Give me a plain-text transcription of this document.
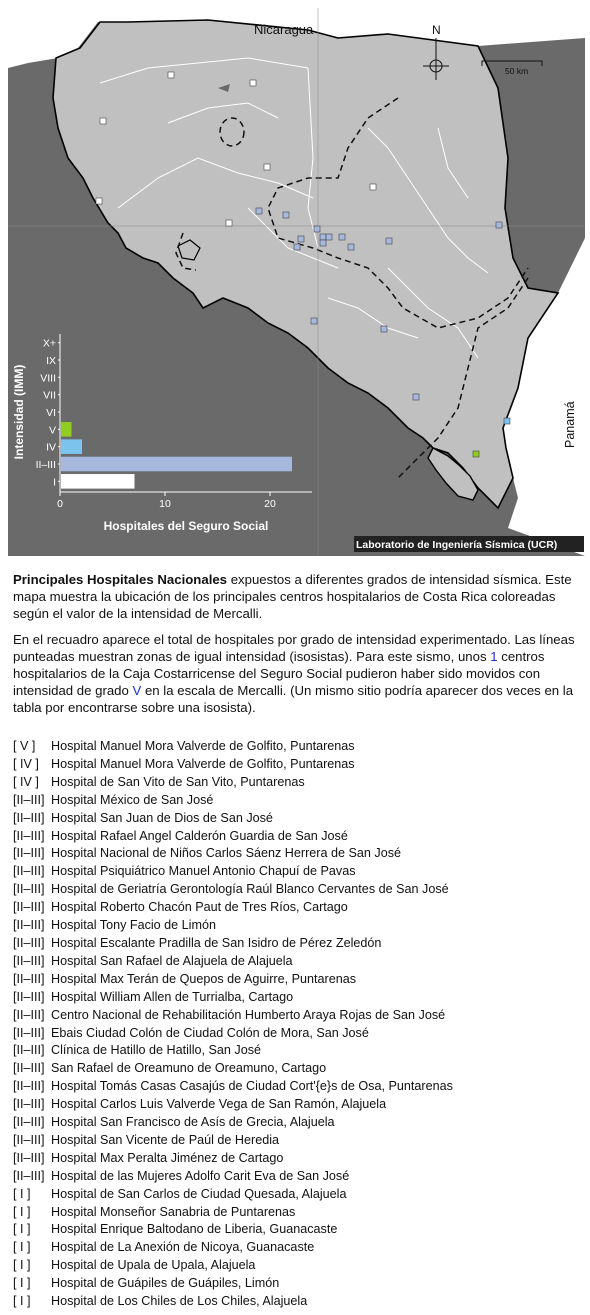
Nicaragua
Panamá
N
50 km
Laboratorio de Ingeniería Sísmica (UCR)
Intensidad (IMM)
Hospitales del Seguro Social
X+
IX
VIII
VII
VI
V
IV
II–III
I
0	10	20
Principales Hospitales Nacionales expuestos a diferentes grados de intensidad sísmica. Este mapa muestra la ubicación de los principales centros hospitalarios de Costa Rica coloreadas según el valor de la intensidad de Mercalli.
En el recuadro aparece el total de hospitales por grado de intensidad experimentado. Las líneas punteadas muestran zonas de igual intensidad (isosistas). Para este sismo, unos 1 centros hospitalarios de la Caja Costarricense del Seguro Social pudieron haber sido movidos con intensidad de grado V en la escala de Mercalli. (Un mismo sitio podría aparecer dos veces en la tabla por encontrarse sobre una isosista).
[ V ]	Hospital Manuel Mora Valverde de Golfito, Puntarenas
[ IV ] Hospital Manuel Mora Valverde de Golfito, Puntarenas
[ IV ] Hospital de San Vito de San Vito, Puntarenas
[II–III] Hospital México de San José
[II–III] Hospital San Juan de Dios de San José
[II–III] Hospital Rafael Angel Calderón Guardia de San José
[II–III] Hospital Nacional de Niños Carlos Sáenz Herrera de San José
[II–III] Hospital Psiquiátrico Manuel Antonio Chapuí de Pavas
[II–III] Hospital de Geriatría Gerontología Raúl Blanco Cervantes de San José
[II–III] Hospital Roberto Chacón Paut de Tres Ríos, Cartago
[II–III] Hospital Tony Facio de Limón
[II–III] Hospital Escalante Pradilla de San Isidro de Pérez Zeledón
[II–III] Hospital San Rafael de Alajuela de Alajuela
[II–III] Hospital Max Terán de Quepos de Aguirre, Puntarenas
[II–III] Hospital William Allen de Turrialba, Cartago
[II–III] Centro Nacional de Rehabilitación Humberto Araya Rojas de San José
[II–III] Ebais Ciudad Colón de Ciudad Colón de Mora, San José
[II–III] Clínica de Hatillo de Hatillo, San José
[II–III] San Rafael de Oreamuno de Oreamuno, Cartago
[II–III] Hospital Tomás Casas Casajús de Ciudad Cort'{e}s de Osa, Puntarenas
[II–III] Hospital Carlos Luis Valverde Vega de San Ramón, Alajuela
[II–III] Hospital San Francisco de Asís de Grecia, Alajuela
[II–III] Hospital San Vicente de Paúl de Heredia
[II–III] Hospital Max Peralta Jiménez de Cartago
[II–III] Hospital de las Mujeres Adolfo Carit Eva de San José
[ I ]	Hospital de San Carlos de Ciudad Quesada, Alajuela
[ I ]	Hospital Monseñor Sanabria de Puntarenas
[ I ]	Hospital Enrique Baltodano de Liberia, Guanacaste
[ I ]	Hospital de La Anexión de Nicoya, Guanacaste
[ I ]	Hospital de Upala de Upala, Alajuela
[ I ]	Hospital de Guápiles de Guápiles, Limón
[ I ]	Hospital de Los Chiles de Los Chiles, Alajuela
